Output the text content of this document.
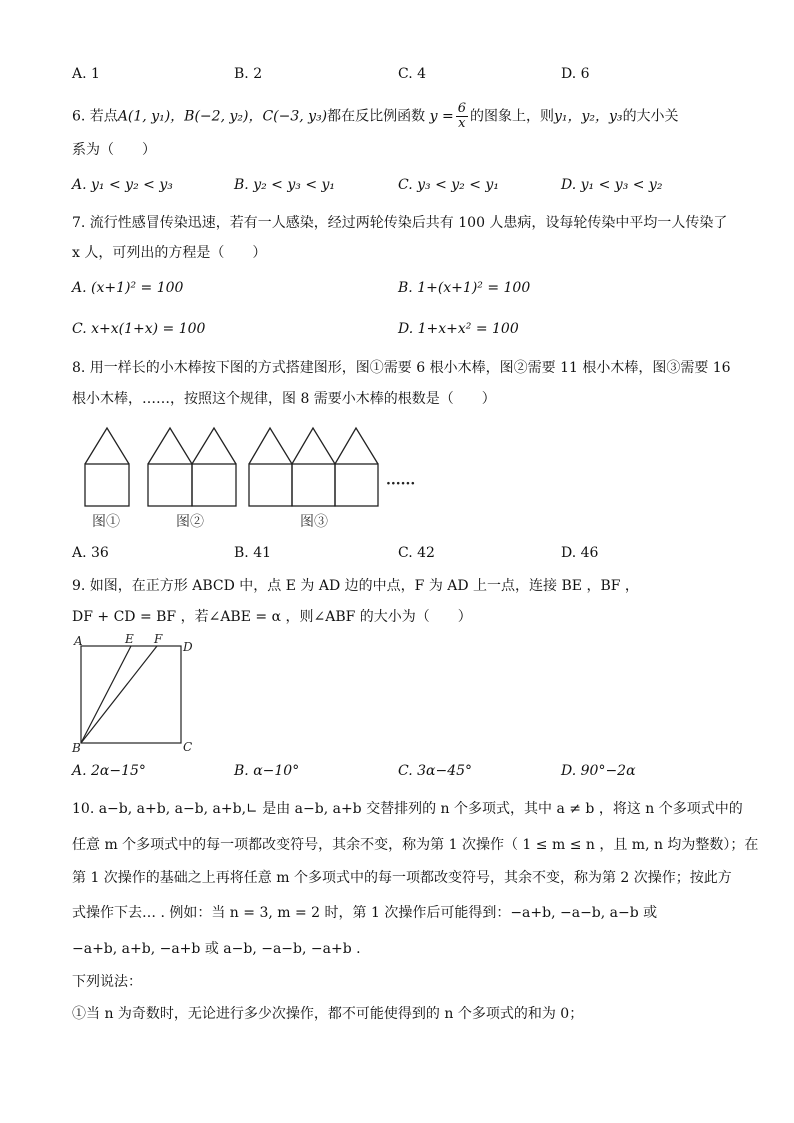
A. 1	B. 2	C. 4	D. 6
6. 若点A(1, y₁)，B(−2, y₂)，C(−3, y₃)都在反比例函数 $y = \frac{6}{x}$ 的图象上，则y₁，y₂，y₃的大小关
系为（　　）
A. y₁ < y₂ < y₃	B. y₂ < y₃ < y₁	C. y₃ < y₂ < y₁	D. y₁ < y₃ < y₂
7. 流行性感冒传染迅速，若有一人感染，经过两轮传染后共有 100 人患病，设每轮传染中平均一人传染了
x 人，可列出的方程是（　　）
A. (x+1)² = 100	B. 1+(x+1)² = 100
C. x+x(1+x) = 100	D. 1+x+x² = 100
8. 用一样长的小木棒按下图的方式搭建图形，图①需要 6 根小木棒，图②需要 11 根小木棒，图③需要 16
根小木棒，……，按照这个规律，图 8 需要小木棒的根数是（　　）
······
图①	图②	图③
A. 36	B. 41	C. 42	D. 46
9. 如图，在正方形 ABCD 中，点 E 为 AD 边的中点，F 为 AD 上一点，连接 BE ，BF ，
DF + CD = BF ，若∠ABE = α ，则∠ABF 的大小为（　　）
A	E F
D
B	C
A. 2α−15°	B. α−10°	C. 3α−45°	D. 90°−2α
10. a−b, a+b, a−b, a+b,∟ 是由 a−b, a+b 交替排列的 n 个多项式，其中 a ≠ b ，将这 n 个多项式中的
任意 m 个多项式中的每一项都改变符号，其余不变，称为第 1 次操作（ 1 ≤ m ≤ n ，且 m, n 均为整数）；在
第 1 次操作的基础之上再将任意 m 个多项式中的每一项都改变符号，其余不变，称为第 2 次操作；按此方
式操作下去… . 例如：当 n = 3, m = 2 时，第 1 次操作后可能得到：−a+b, −a−b, a−b 或
−a+b, a+b, −a+b 或 a−b, −a−b, −a+b .
下列说法：
①当 n 为奇数时，无论进行多少次操作，都不可能使得到的 n 个多项式的和为 0；
